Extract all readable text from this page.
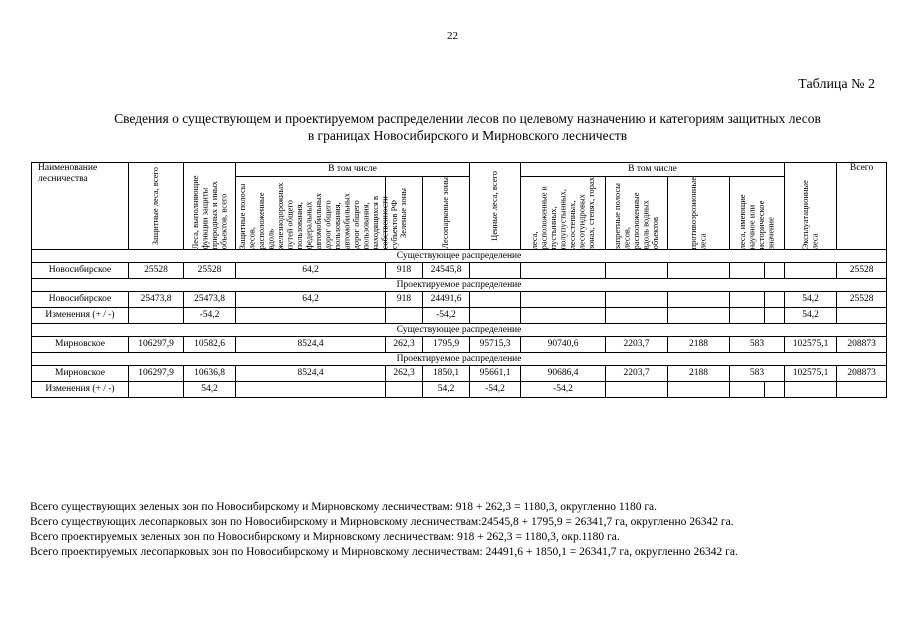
22
Таблица № 2
Сведения о существующем и проектируемом распределении лесов по целевому назначению и категориям защитных лесов
в границах Новосибирского и Мирновского лесничеств
Наименование лесничества	Защитные леса, всего	Леса, выполняющие функции защиты природных и иных объектов, всего	В том числе			Ценные леса, всего	В том числе					Эксплуатационные леса	Всего

			Защитные полосы лесов, расположенные вдоль железнодорожных путей общего пользования, федеральных автомобильных дорог общего пользования, автомобильных дорог общего пользования, находящихся в собственности субъектов РФ	Зеленые зоны	Лесопарковые зоны		леса, расположенные в пустынных, полупустынных, лесостепных, лесотундровых зонах, степях, горах	запретные полосы лесов, расположенные вдоль водных объектов	противоэрозионные леса	леса, имеющие научное или историческое значение			

Существующее распределение													
Новосибирское	25528	25528	64,2	918	24545,8								25528
Проектируемое распределение													
Новосибирское	25473,8	25473,8	64,2	918	24491,6							54,2	25528
Изменения (+ / -)		-54,2			-54,2							54,2	
Существующее распределение													
Мирновское	106297,9	10582,6	8524,4	262,3	1795,9	95715,3	90740,6	2203,7	2188	583		102575,1	208873
Проектируемое распределение													
Мирновское	106297,9	10636,8	8524,4	262,3	1850,1	95661,1	90686,4	2203,7	2188	583		102575,1	208873
Изменения (+ / -)		54,2			54,2	-54,2	-54,2						
Всего существующих зеленых зон по Новосибирскому и Мирновскому лесничествам: 918 + 262,3 = 1180,3, округленно 1180 га.
Всего существующих лесопарковых зон по Новосибирскому и Мирновскому лесничествам:24545,8 + 1795,9 = 26341,7 га, округленно 26342 га.
Всего проектируемых зеленых зон по Новосибирскому и Мирновскому лесничествам: 918 + 262,3 = 1180,3, окр.1180 га.
Всего проектируемых лесопарковых зон по Новосибирскому и Мирновскому лесничествам: 24491,6 + 1850,1 = 26341,7 га, округленно 26342 га.
